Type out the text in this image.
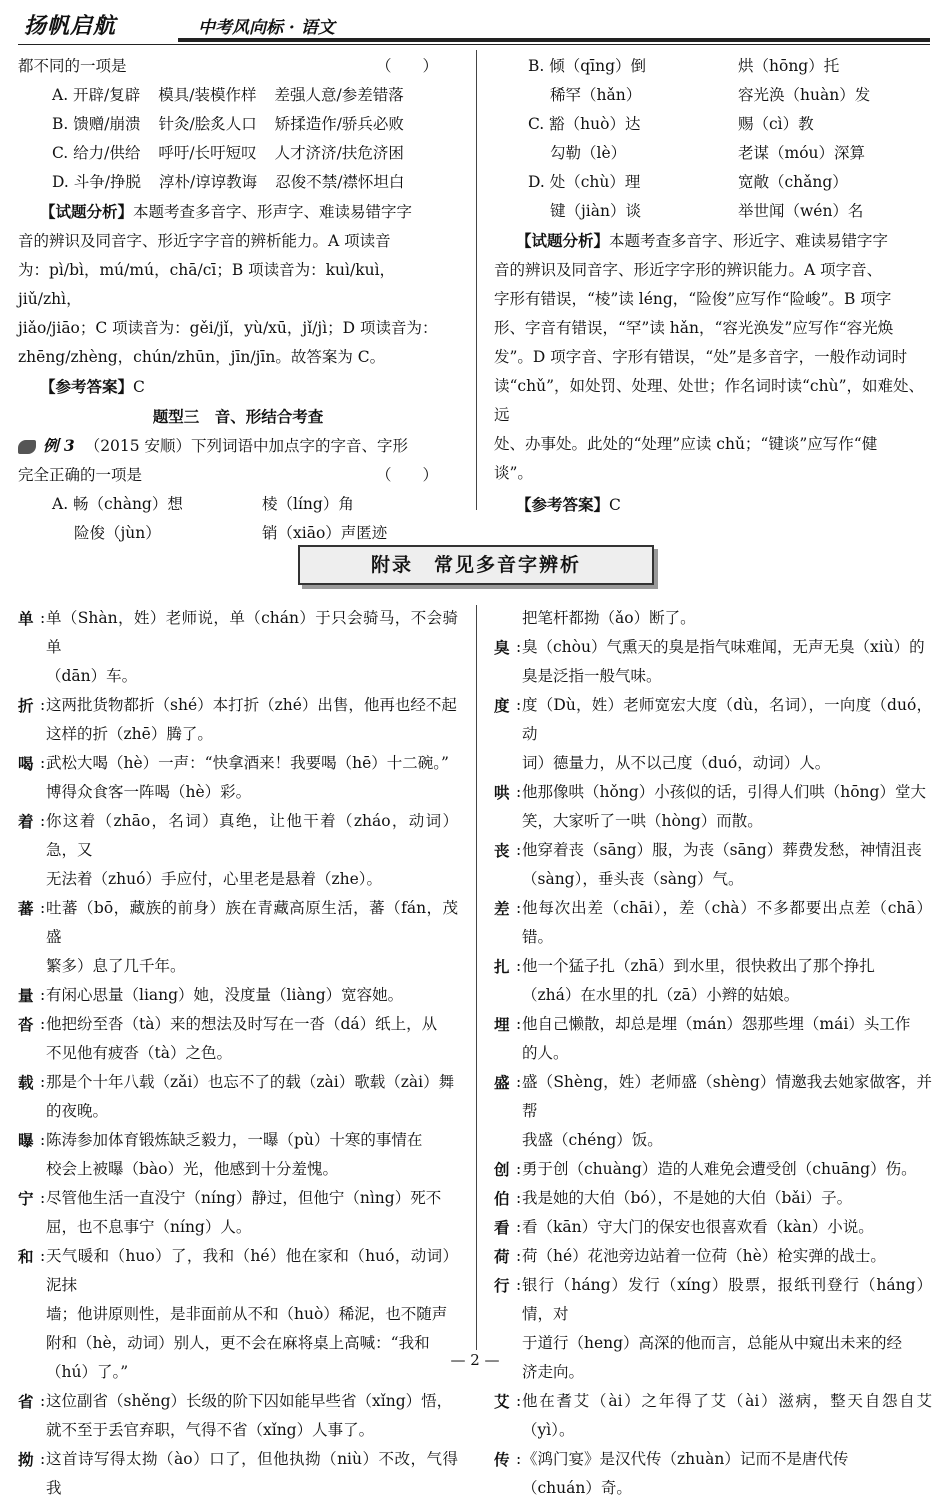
扬帆启航	中考风向标 · 语文

都不同的一项是	（　　）

A. 开辟/复辟 模具/装模作样 差强人意/参差错落
B. 馈赠/崩溃 针灸/脍炙人口 矫揉造作/骄兵必败
C. 给力/供给 呼吁/长吁短叹 人才济济/扶危济困
D. 斗争/挣脱 淳朴/谆谆教诲 忍俊不禁/襟怀坦白

【试题分析】本题考查多音字、形声字、难读易错字字
音的辨识及同音字、形近字字音的辨析能力。A 项读音
为：pì/bì，mú/mú，chā/cī；B 项读音为：kuì/kuì，jiǔ/zhì，
jiǎo/jiāo；C 项读音为：gěi/jǐ，yù/xū，jǐ/jì；D 项读音为：
zhēng/zhèng，chún/zhūn，jīn/jīn。故答案为 C。

【参考答案】C

题型三　音、形结合考查

例 3 （2015 安顺）下列词语中加点字的字音、字形

完全正确的一项是	（　　）

A. 畅（chàng）想	棱（líng）角
险俊（jùn）	销（xiāo）声匿迹
B. 倾（qīng）倒	烘（hōng）托
稀罕（hǎn）	容光涣（huàn）发
C. 豁（huò）达	赐（cì）教
勾勒（lè）	老谋（móu）深算
D. 处（chù）理	宽敞（chǎng）
键（jiàn）谈	举世闻（wén）名

【试题分析】本题考查多音字、形近字、难读易错字字
音的辨识及同音字、形近字字形的辨识能力。A 项字音、
字形有错误，“棱”读 léng，“险俊”应写作“险峻”。B 项字
形、字音有错误，“罕”读 hǎn，“容光涣发”应写作“容光焕
发”。D 项字音、字形有错误，“处”是多音字，一般作动词时
读“chǔ”，如处罚、处理、处世；作名词时读“chù”，如难处、远
处、办事处。此处的“处理”应读 chǔ；“键谈”应写作“健
谈”。

【参考答案】C

附录　常见多音字辨析
单 : 单（Shàn，姓）老师说，单（chán）于只会骑马，不会骑单
（dān）车。
折 : 这两批货物都折（shé）本打折（zhé）出售，他再也经不起
这样的折（zhē）腾了。
喝 : 武松大喝（hè）一声：“快拿酒来！我要喝（hē）十二碗。”
博得众食客一阵喝（hè）彩。
着 : 你这着（zhāo，名词）真绝，让他干着（zháo，动词）急，又
无法着（zhuó）手应付，心里老是悬着（zhe）。
蕃 : 吐蕃（bō，藏族的前身）族在青藏高原生活，蕃（fán，茂盛
繁多）息了几千年。
量 : 有闲心思量（liang）她，没度量（liàng）宽容她。
沓 : 他把纷至沓（tà）来的想法及时写在一沓（dá）纸上，从
不见他有疲沓（tà）之色。
载 : 那是个十年八载（zǎi）也忘不了的载（zài）歌载（zài）舞
的夜晚。
曝 : 陈涛参加体育锻炼缺乏毅力，一曝（pù）十寒的事情在
校会上被曝（bào）光，他感到十分羞愧。
宁 : 尽管他生活一直没宁（níng）静过，但他宁（nìng）死不
屈，也不息事宁（níng）人。
和 : 天气暖和（huo）了，我和（hé）他在家和（huó，动词）泥抹
墙；他讲原则性，是非面前从不和（huò）稀泥，也不随声
附和（hè，动词）别人，更不会在麻将桌上高喊：“我和
（hú）了。”
省 : 这位副省（shěng）长级的阶下囚如能早些省（xǐng）悟，
就不至于丢官弃职，气得不省（xǐng）人事了。
拗 : 这首诗写得太拗（ào）口了，但他执拗（niù）不改，气得我
把笔杆都拗（ǎo）断了。
臭 : 臭（chòu）气熏天的臭是指气味难闻，无声无臭（xiù）的
臭是泛指一般气味。
度 : 度（Dù，姓）老师宽宏大度（dù，名词），一向度（duó，动
词）德量力，从不以己度（duó，动词）人。
哄 : 他那像哄（hǒng）小孩似的话，引得人们哄（hōng）堂大
笑，大家听了一哄（hòng）而散。
丧 : 他穿着丧（sāng）服，为丧（sāng）葬费发愁，神情沮丧
（sàng），垂头丧（sàng）气。
差 : 他每次出差（chāi），差（chà）不多都要出点差（chā）错。
扎 : 他一个猛子扎（zhā）到水里，很快救出了那个挣扎
（zhá）在水里的扎（zā）小辫的姑娘。
埋 : 他自己懒散，却总是埋（mán）怨那些埋（mái）头工作
的人。
盛 : 盛（Shèng，姓）老师盛（shèng）情邀我去她家做客，并帮
我盛（chéng）饭。
创 : 勇于创（chuàng）造的人难免会遭受创（chuāng）伤。
伯 : 我是她的大伯（bó），不是她的大伯（bǎi）子。
看 : 看（kān）守大门的保安也很喜欢看（kàn）小说。
荷 : 荷（hé）花池旁边站着一位荷（hè）枪实弹的战士。
行 : 银行（háng）发行（xíng）股票，报纸刊登行（háng）情，对
于道行（heng）高深的他而言，总能从中窥出未来的经
济走向。
艾 : 他在耆艾（ài）之年得了艾（ài）滋病，整天自怨自艾（yì）。
传 : 《鸿门宴》是汉代传（zhuàn）记而不是唐代传
（chuán）奇。
— 2 —
